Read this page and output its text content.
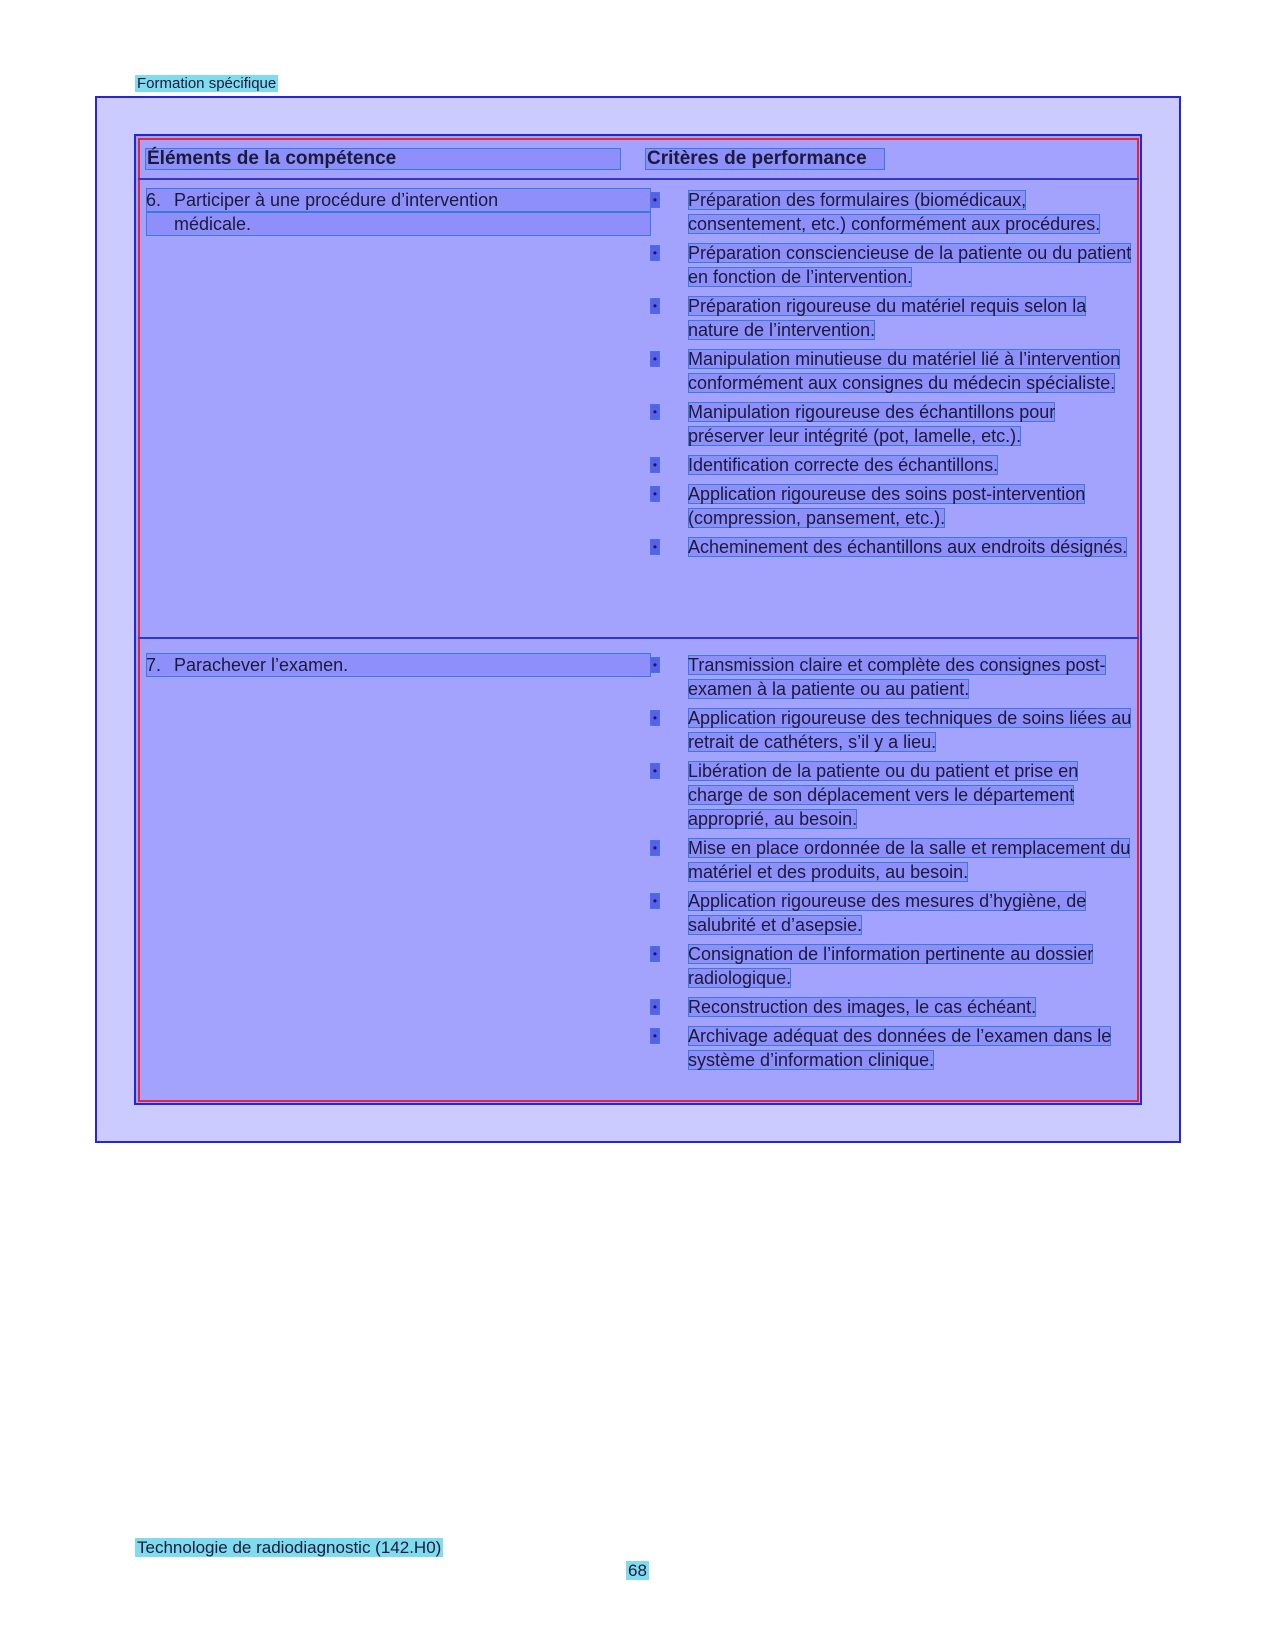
Formation spécifique
Éléments de la compétence	Critères de performance
6. Participer à une procédure d’intervention
médicale.
• Préparation des formulaires (biomédicaux, consentement, etc.) conformément aux procédures.
• Préparation consciencieuse de la patiente ou du patient en fonction de l’intervention.
• Préparation rigoureuse du matériel requis selon la nature de l’intervention.
• Manipulation minutieuse du matériel lié à l’intervention conformément aux consignes du médecin spécialiste.
• Manipulation rigoureuse des échantillons pour préserver leur intégrité (pot, lamelle, etc.).
• Identification correcte des échantillons.
• Application rigoureuse des soins post-intervention (compression, pansement, etc.).
• Acheminement des échantillons aux endroits désignés.
7. Parachever l’examen.	• Transmission claire et complète des consignes post-examen à la patiente ou au patient.
• Application rigoureuse des techniques de soins liées au retrait de cathéters, s’il y a lieu.
• Libération de la patiente ou du patient et prise en charge de son déplacement vers le département approprié, au besoin.
• Mise en place ordonnée de la salle et remplacement du matériel et des produits, au besoin.
• Application rigoureuse des mesures d’hygiène, de salubrité et d’asepsie.
• Consignation de l’information pertinente au dossier radiologique.
• Reconstruction des images, le cas échéant.
• Archivage adéquat des données de l’examen dans le système d’information clinique.
Technologie de radiodiagnostic (142.H0)
68
